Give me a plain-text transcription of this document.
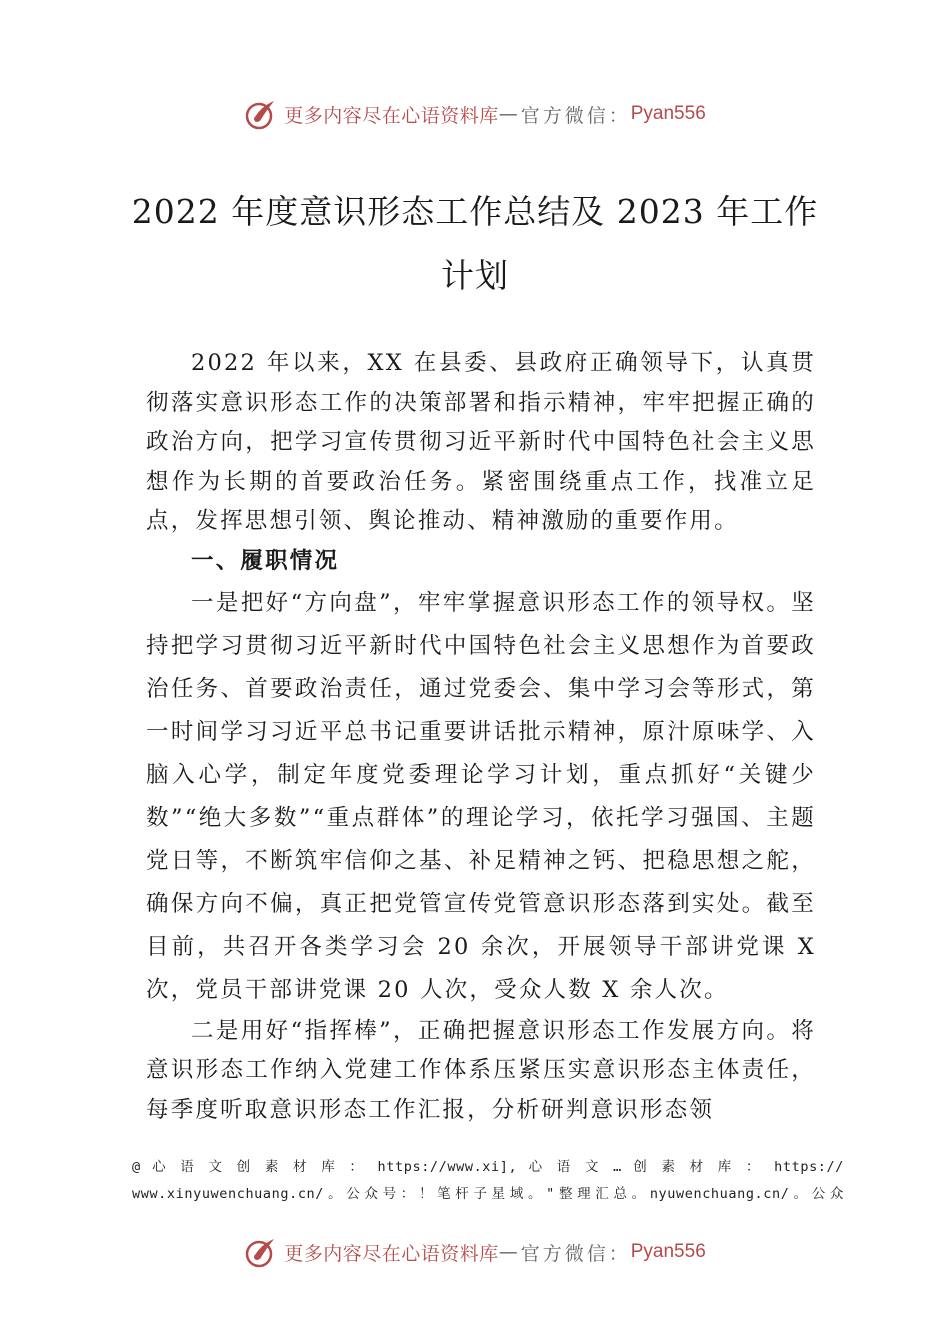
更多内容尽在心语资料库 — 官方微信： Pyan556
2022 年度意识形态工作总结及 2023 年工作
计划

2022 年以来，XX 在县委、县政府正确领导下，认真贯彻落实意识形态工作的决策部署和指示精神，牢牢把握正确的政治方向，把学习宣传贯彻习近平新时代中国特色社会主义思想作为长期的首要政治任务。紧密围绕重点工作，找准立足点，发挥思想引领、舆论推动、精神激励的重要作用。

一、履职情况

一是把好“方向盘”，牢牢掌握意识形态工作的领导权。坚持把学习贯彻习近平新时代中国特色社会主义思想作为首要政治任务、首要政治责任，通过党委会、集中学习会等形式，第一时间学习习近平总书记重要讲话批示精神，原汁原味学、入脑入心学，制定年度党委理论学习计划，重点抓好“关键少数”“绝大多数”“重点群体”的理论学习，依托学习强国、主题党日等，不断筑牢信仰之基、补足精神之钙、把稳思想之舵，确保方向不偏，真正把党管宣传党管意识形态落到实处。截至目前，共召开各类学习会 20 余次，开展领导干部讲党课 X 次，党员干部讲党课 20 人次，受众人数 X 余人次。

二是用好“指挥棒”，正确把握意识形态工作发展方向。将意识形态工作纳入党建工作体系压紧压实意识形态主体责任，每季度听取意识形态工作汇报，分析研判意识形态领

@ 心 语 文 创 素 材 库 ： https://www.xi], 心 语 文 … 创 素 材 库 ： https://
www.xinyuwenchuang.cn/。公众号：！笔杆子星域。"整理汇总。nyuwenchuang.cn/。公众
更多内容尽在心语资料库 — 官方微信： Pyan556
